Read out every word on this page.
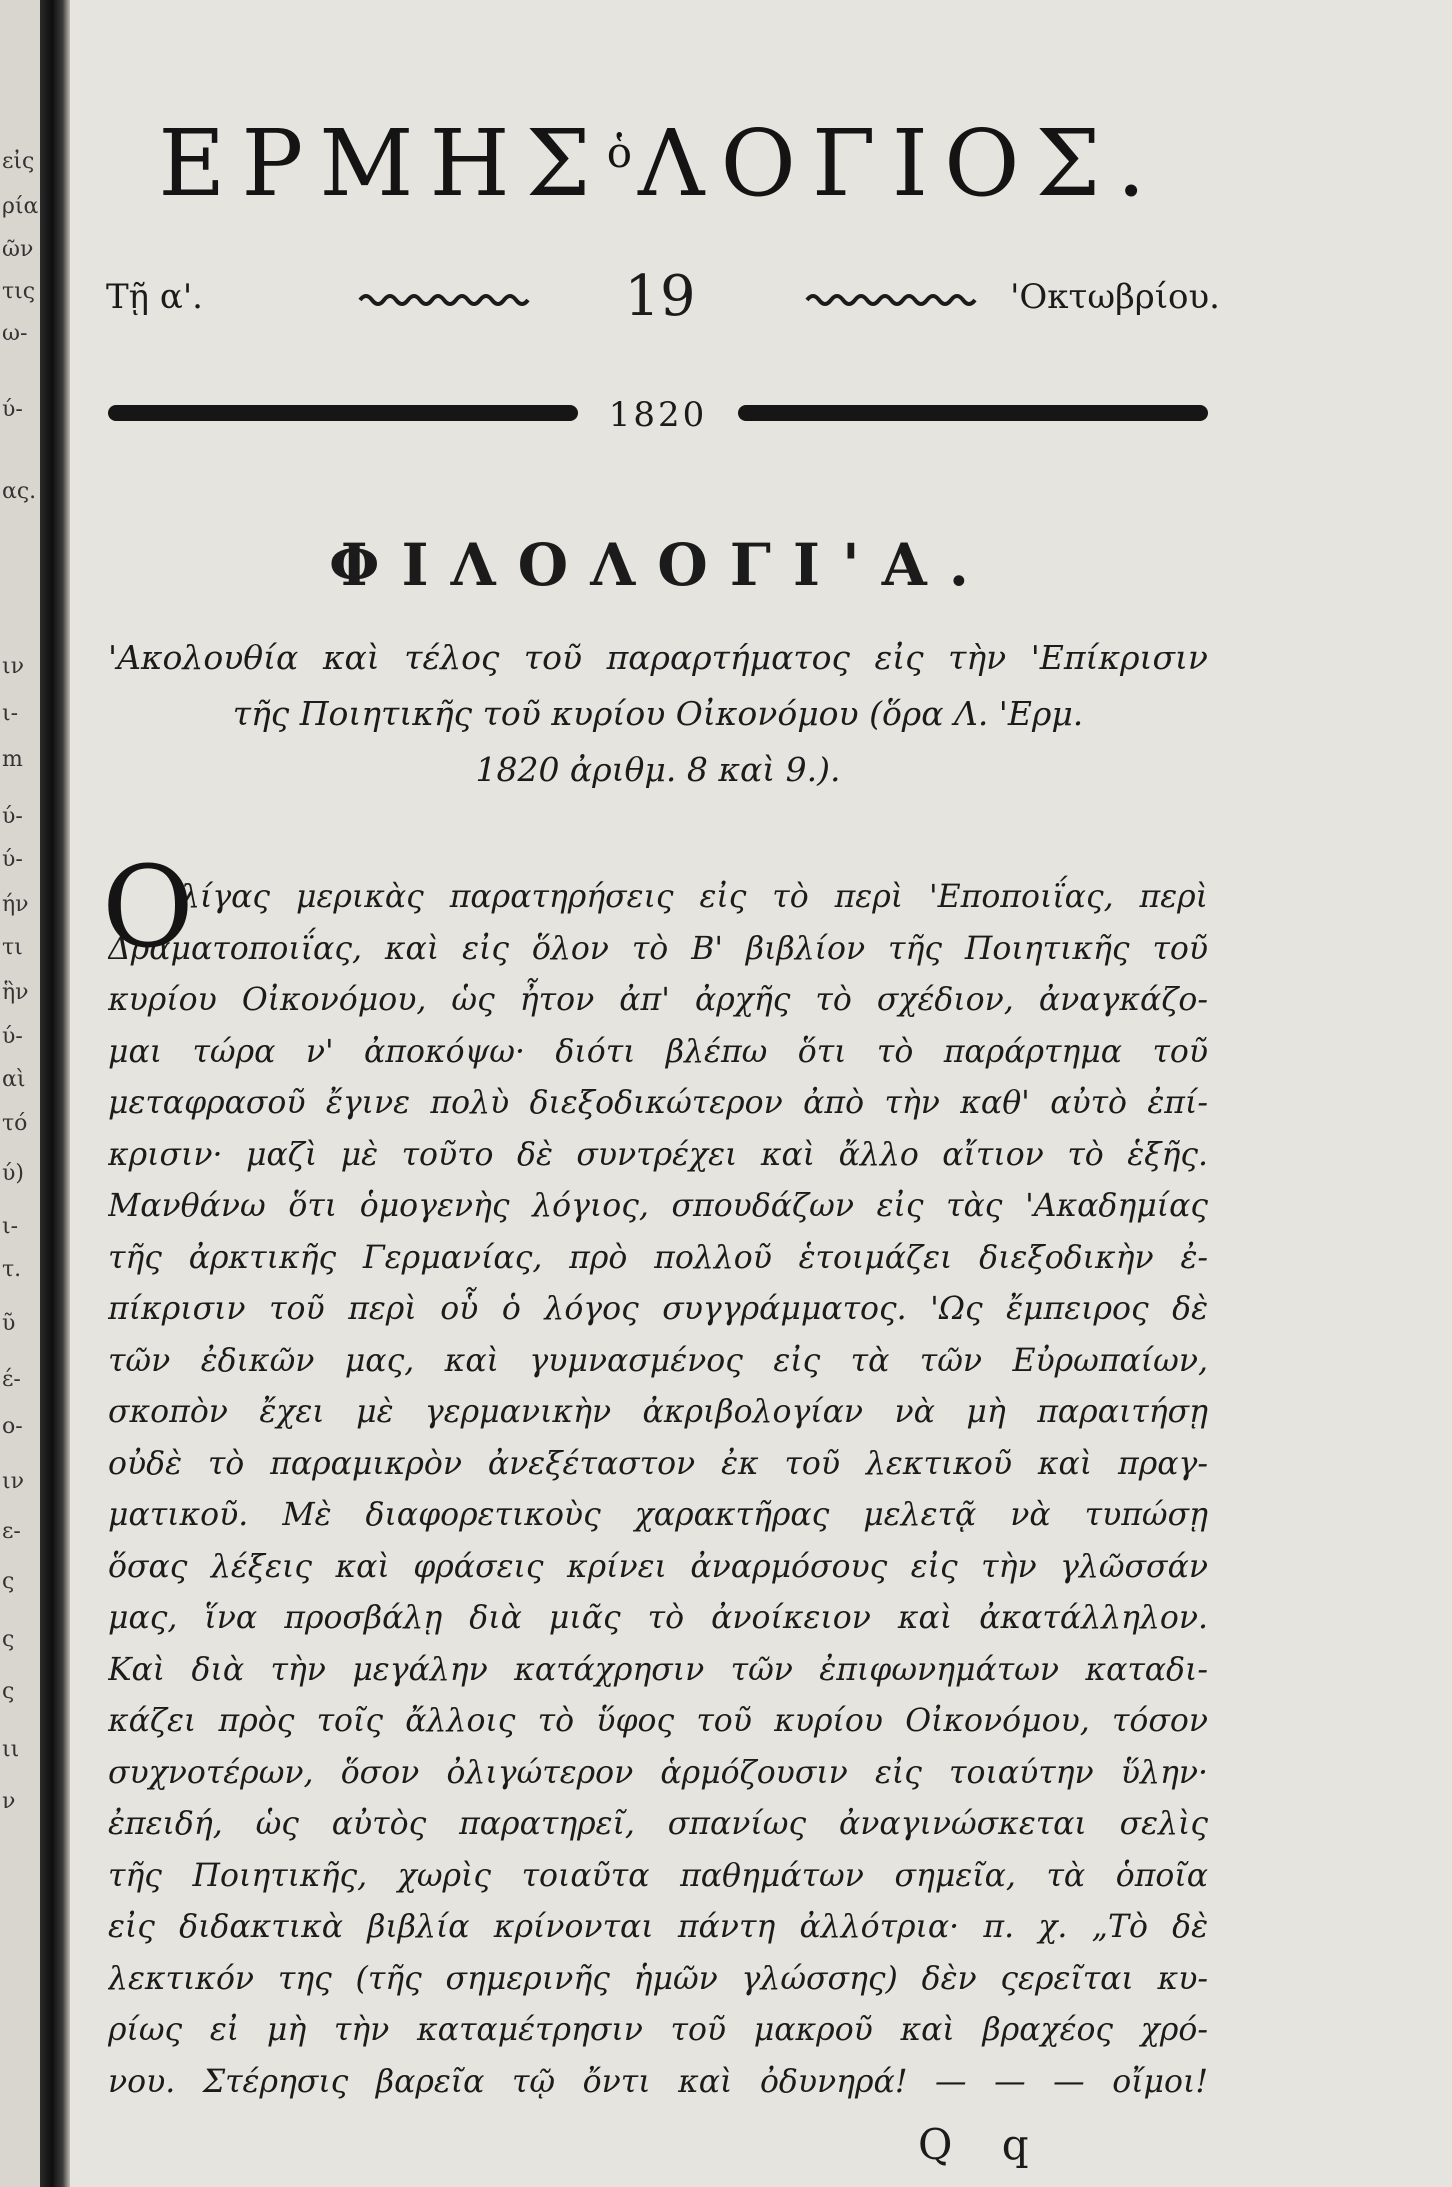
εἰς
ρία
ῶν
τις
ω-
ύ-
ας.
ιν
ι-
m
ύ-
ύ-
ήν
τι
ἣν
ύ-
αὶ
τό
ύ)
ι-
τ.
ῦ
έ-
ο-
ιν
ε-
ς
ς
ς
ιι
ν
$EPMH\Sigma^ὁ\Lambda O\Gamma IO\Sigma$.
Τῇ α'.	19	'Οκτωβρίου.
1820
ΦΙΛΟΛΟΓΙ'Α.
'Ακολουθία καὶ τέλος τοῦ παραρτήματος εἰς τὴν 'Επίκρισιν
τῆς Ποιητικῆς τοῦ κυρίου Οἰκονόμου (ὅρα Λ. 'Ερμ.
1820 ἀριθμ. 8 καὶ 9.).
Ο
λίγας μερικὰς παρατηρήσεις εἰς τὸ περὶ 'Εποποιΐας, περὶ
Δραματοποιΐας, καὶ εἰς ὅλον τὸ Β' βιβλίον τῆς Ποιητικῆς τοῦ
κυρίου Οἰκονόμου, ὡς ἦτον ἀπ' ἀρχῆς τὸ σχέδιον, ἀναγκάζο-
μαι τώρα ν' ἀποκόψω· διότι βλέπω ὅτι τὸ παράρτημα τοῦ
μεταφρασοῦ ἔγινε πολὺ διεξοδικώτερον ἀπὸ τὴν καθ' αὐτὸ ἐπί-
κρισιν· μαζὶ μὲ τοῦτο δὲ συντρέχει καὶ ἄλλο αἴτιον τὸ ἑξῆς.
Μανθάνω ὅτι ὁμογενὴς λόγιος, σπουδάζων εἰς τὰς 'Ακαδημίας
τῆς ἀρκτικῆς Γερμανίας, πρὸ πολλοῦ ἑτοιμάζει διεξοδικὴν ἐ-
πίκρισιν τοῦ περὶ οὗ ὁ λόγος συγγράμματος. 'Ως ἔμπειρος δὲ
τῶν ἐδικῶν μας, καὶ γυμνασμένος εἰς τὰ τῶν Εὐρωπαίων,
σκοπὸν ἔχει μὲ γερμανικὴν ἀκριβολογίαν νὰ μὴ παραιτήσῃ
οὐδὲ τὸ παραμικρὸν ἀνεξέταστον ἐκ τοῦ λεκτικοῦ καὶ πραγ-
ματικοῦ. Μὲ διαφορετικοὺς χαρακτῆρας μελετᾷ νὰ τυπώσῃ
ὅσας λέξεις καὶ φράσεις κρίνει ἀναρμόσους εἰς τὴν γλῶσσάν
μας, ἵνα προσβάλῃ διὰ μιᾶς τὸ ἀνοίκειον καὶ ἀκατάλληλον.
Καὶ διὰ τὴν μεγάλην κατάχρησιν τῶν ἐπιφωνημάτων καταδι-
κάζει πρὸς τοῖς ἄλλοις τὸ ὕφος τοῦ κυρίου Οἰκονόμου, τόσον
συχνοτέρων, ὅσον ὀλιγώτερον ἁρμόζουσιν εἰς τοιαύτην ὕλην·
ἐπειδή, ὡς αὐτὸς παρατηρεῖ, σπανίως ἀναγινώσκεται σελὶς
τῆς Ποιητικῆς, χωρὶς τοιαῦτα παθημάτων σημεῖα, τὰ ὁποῖα
εἰς διδακτικὰ βιβλία κρίνονται πάντη ἀλλότρια· π. χ. „Τὸ δὲ
λεκτικόν της (τῆς σημερινῆς ἡμῶν γλώσσης) δὲν ςερεῖται κυ-
ρίως εἰ μὴ τὴν καταμέτρησιν τοῦ μακροῦ καὶ βραχέος χρό-
νου. Στέρησις βαρεῖα τῷ ὄντι καὶ ὀδυνηρά! — — — οἴμοι!
Q q
